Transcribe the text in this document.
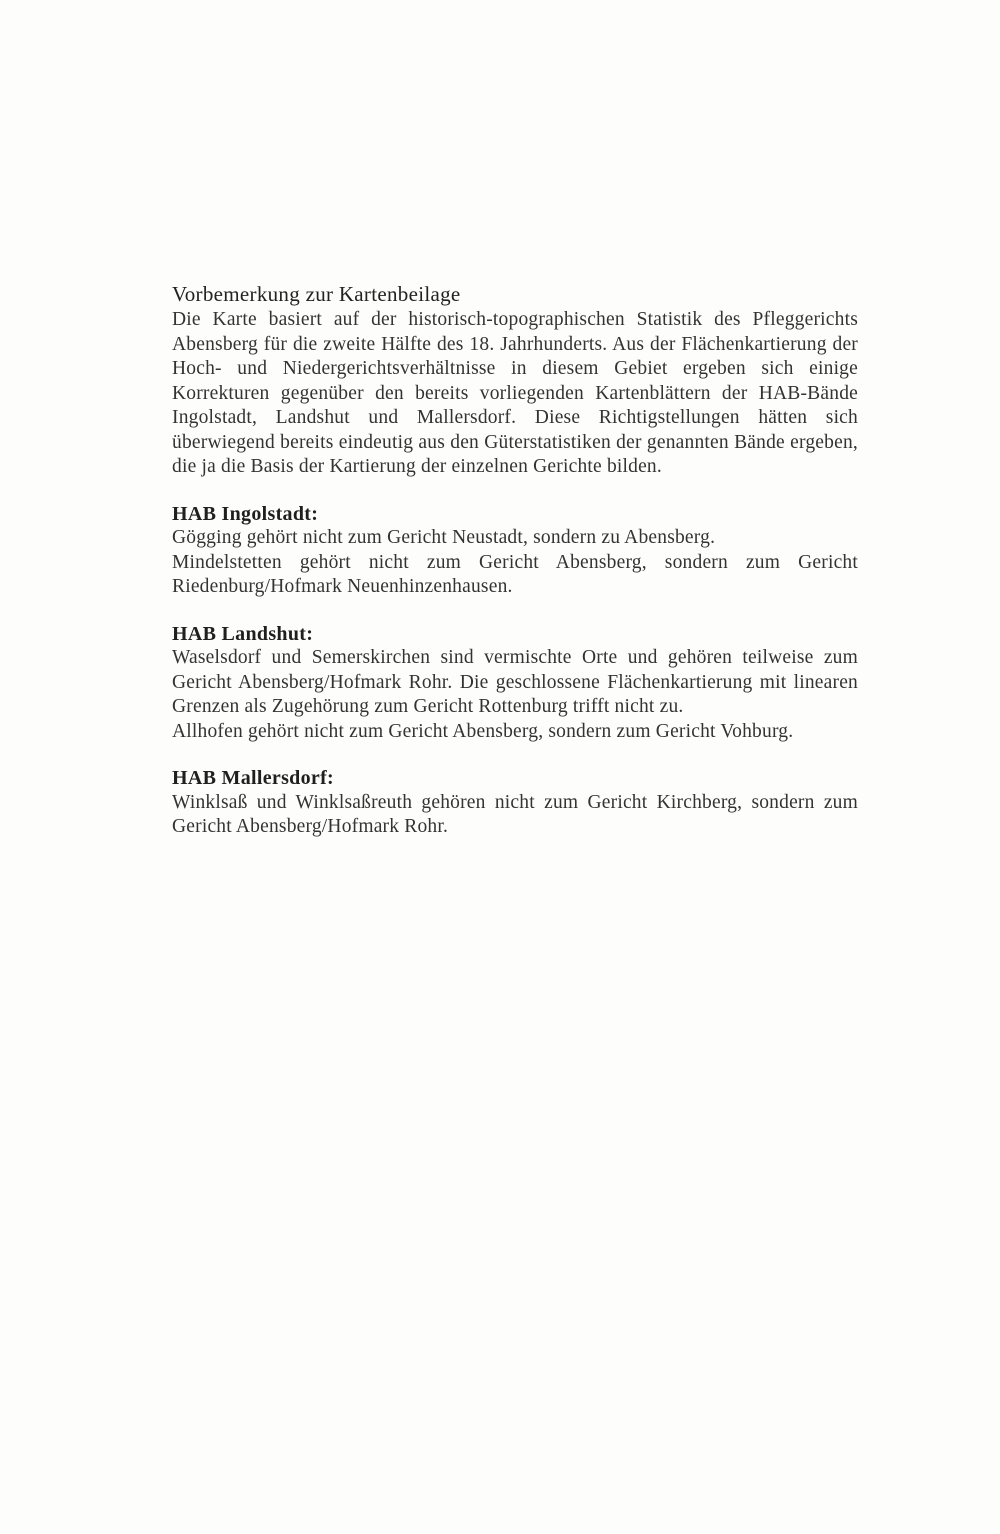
Vorbemerkung zur Kartenbeilage

Die Karte basiert auf der historisch-topographischen Statistik des Pfleggerichts Abensberg für die zweite Hälfte des 18. Jahrhunderts. Aus der Flächenkartierung der Hoch- und Niedergerichtsverhältnisse in diesem Gebiet ergeben sich einige Korrekturen gegenüber den bereits vorliegenden Kartenblättern der HAB-Bände Ingolstadt, Landshut und Mallersdorf. Diese Richtigstellungen hätten sich überwiegend bereits eindeutig aus den Güterstatistiken der genannten Bände ergeben, die ja die Basis der Kartierung der einzelnen Gerichte bilden.

HAB Ingolstadt:

Gögging gehört nicht zum Gericht Neustadt, sondern zu Abensberg.

Mindelstetten gehört nicht zum Gericht Abensberg, sondern zum Gericht Riedenburg/Hofmark Neuenhinzenhausen.

HAB Landshut:

Waselsdorf und Semerskirchen sind vermischte Orte und gehören teilweise zum Gericht Abensberg/Hofmark Rohr. Die geschlossene Flächenkartierung mit linearen Grenzen als Zugehörung zum Gericht Rottenburg trifft nicht zu.

Allhofen gehört nicht zum Gericht Abensberg, sondern zum Gericht Vohburg.

HAB Mallersdorf:

Winklsaß und Winklsaßreuth gehören nicht zum Gericht Kirchberg, sondern zum Gericht Abensberg/Hofmark Rohr.
